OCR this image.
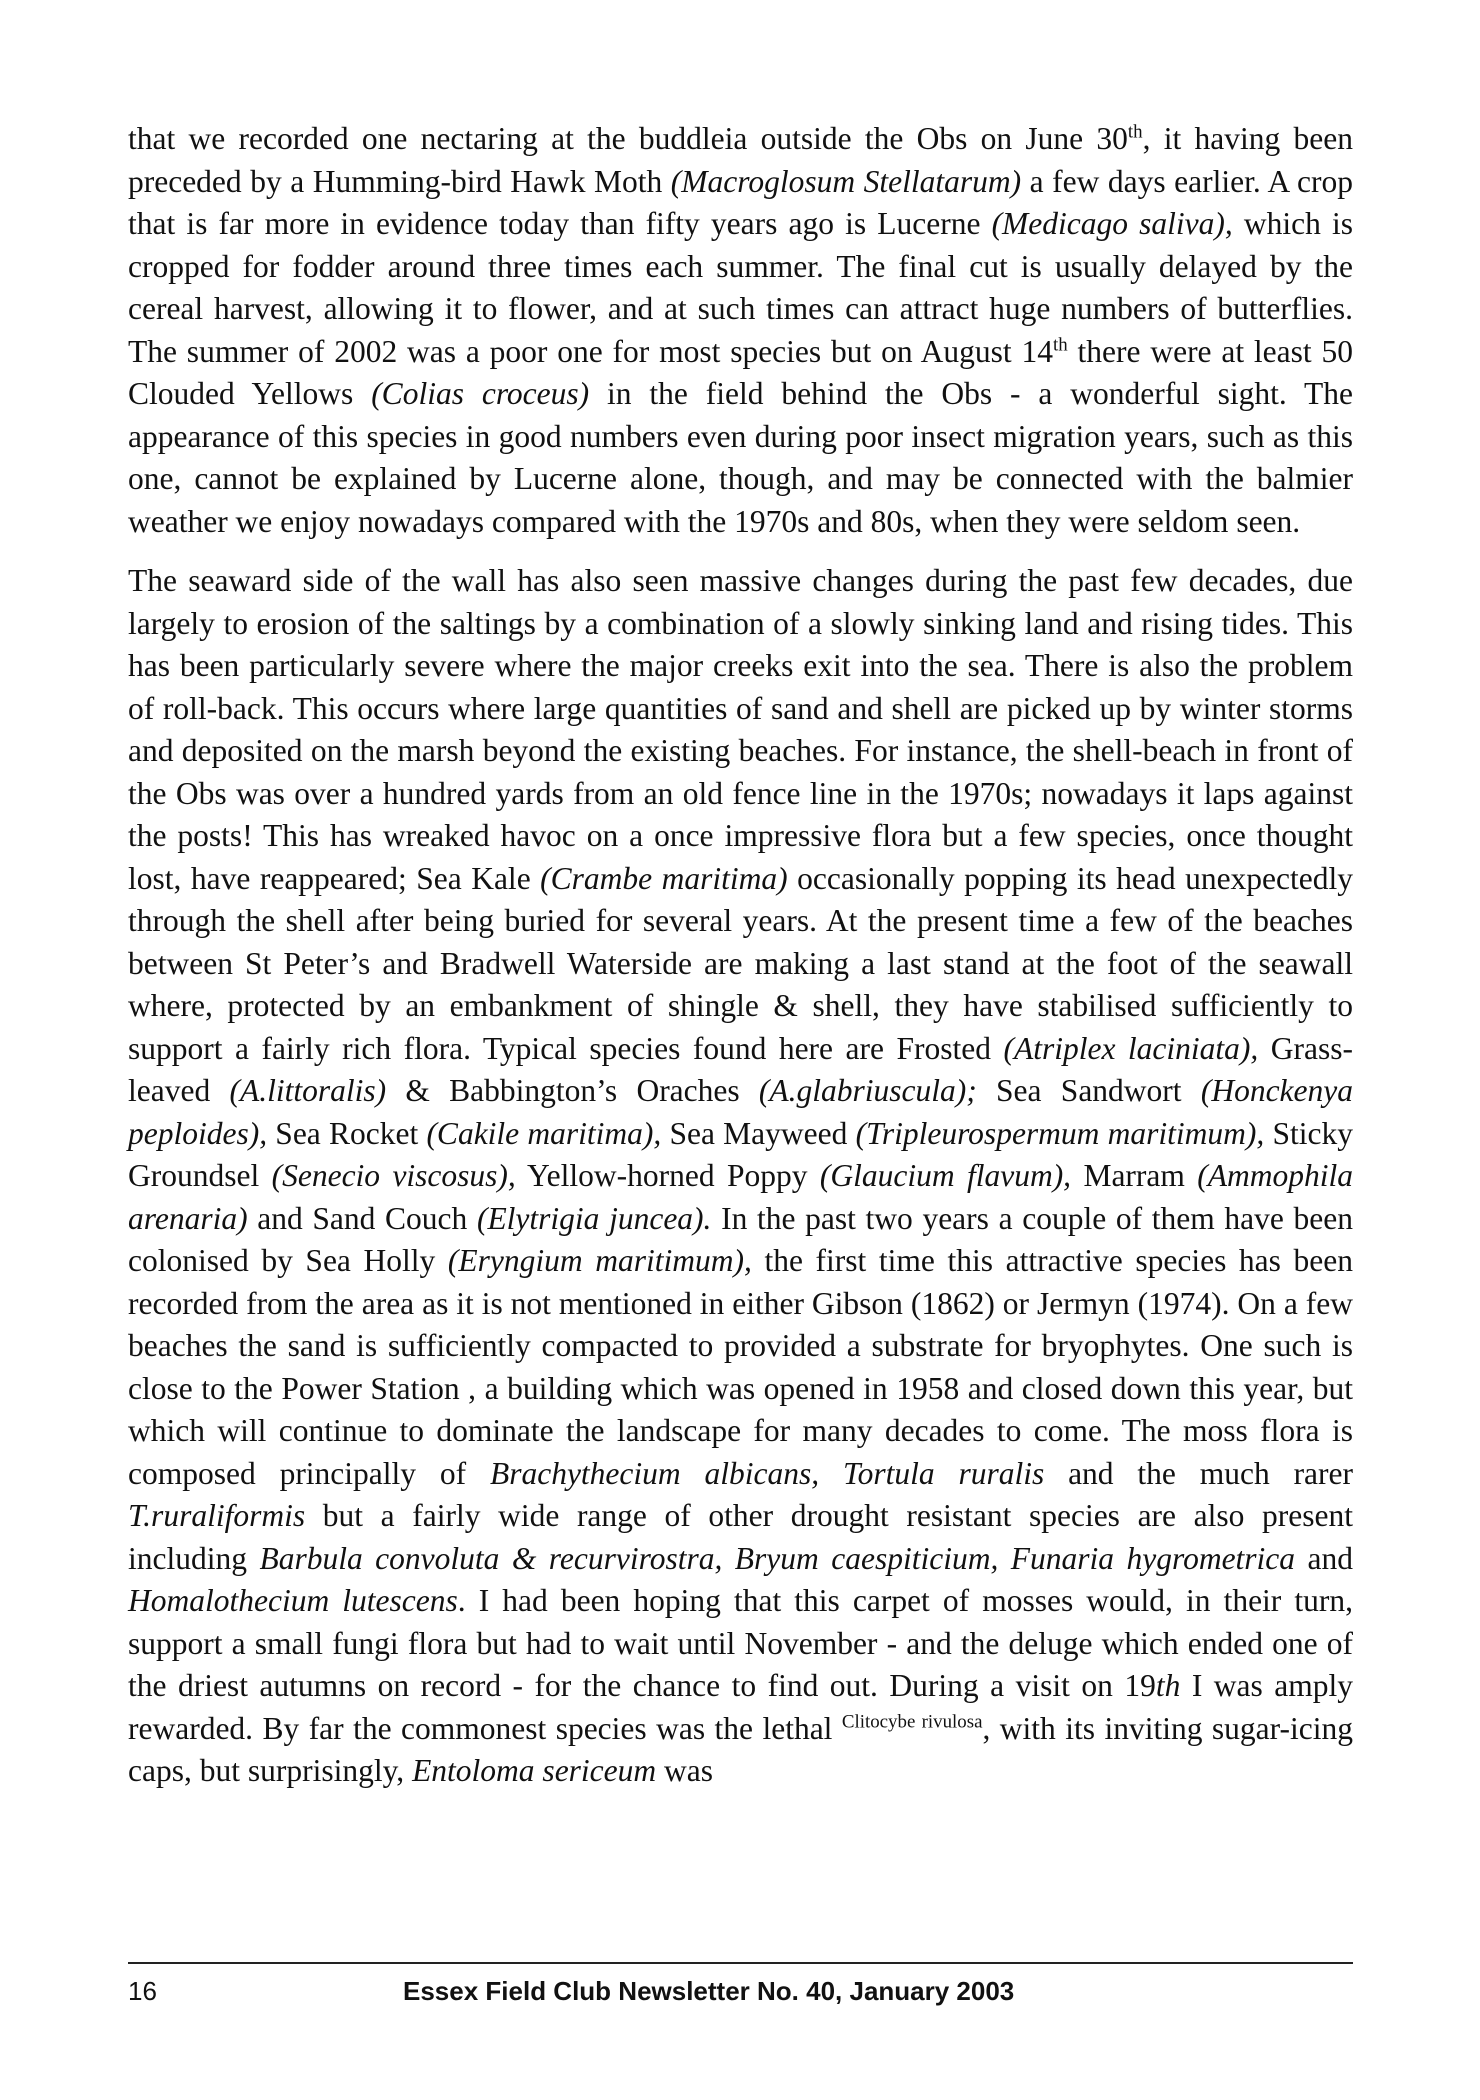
that we recorded one nectaring at the buddleia outside the Obs on June 30th, it having been preceded by a Humming-bird Hawk Moth (Macroglosum Stellatarum) a few days earlier. A crop that is far more in evidence today than fifty years ago is Lucerne (Medicago saliva), which is cropped for fodder around three times each summer. The final cut is usually delayed by the cereal harvest, allowing it to flower, and at such times can attract huge numbers of butterflies. The summer of 2002 was a poor one for most species but on August 14th there were at least 50 Clouded Yellows (Colias croceus) in the field behind the Obs - a wonderful sight. The appearance of this species in good numbers even during poor insect migration years, such as this one, cannot be explained by Lucerne alone, though, and may be connected with the balmier weather we enjoy nowadays compared with the 1970s and 80s, when they were seldom seen.

The seaward side of the wall has also seen massive changes during the past few decades, due largely to erosion of the saltings by a combination of a slowly sinking land and rising tides. This has been particularly severe where the major creeks exit into the sea. There is also the problem of roll-back. This occurs where large quantities of sand and shell are picked up by winter storms and deposited on the marsh beyond the existing beaches. For instance, the shell-beach in front of the Obs was over a hundred yards from an old fence line in the 1970s; nowadays it laps against the posts! This has wreaked havoc on a once impressive flora but a few species, once thought lost, have reappeared; Sea Kale (Crambe maritima) occasionally popping its head unexpectedly through the shell after being buried for several years. At the present time a few of the beaches between St Peter’s and Bradwell Waterside are making a last stand at the foot of the seawall where, protected by an embankment of shingle & shell, they have stabilised sufficiently to support a fairly rich flora. Typical species found here are Frosted (Atriplex laciniata), Grass-leaved (A.littoralis) & Babbington’s Oraches (A.glabriuscula); Sea Sandwort (Honckenya peploides), Sea Rocket (Cakile maritima), Sea Mayweed (Tripleurospermum maritimum), Sticky Groundsel (Senecio viscosus), Yellow-horned Poppy (Glaucium flavum), Marram (Ammophila arenaria) and Sand Couch (Elytrigia juncea). In the past two years a couple of them have been colonised by Sea Holly (Eryngium maritimum), the first time this attractive species has been recorded from the area as it is not mentioned in either Gibson (1862) or Jermyn (1974). On a few beaches the sand is sufficiently compacted to provided a substrate for bryophytes. One such is close to the Power Station , a building which was opened in 1958 and closed down this year, but which will continue to dominate the landscape for many decades to come. The moss flora is composed principally of Brachythecium albicans, Tortula ruralis and the much rarer T.ruraliformis but a fairly wide range of other drought resistant species are also present including Barbula convoluta & recurvirostra, Bryum caespiticium, Funaria hygrometrica and Homalothecium lutescens. I had been hoping that this carpet of mosses would, in their turn, support a small fungi flora but had to wait until November - and the deluge which ended one of the driest autumns on record - for the chance to find out. During a visit on 19th I was amply rewarded. By far the commonest species was the lethal $^{Clitocybe rivulosa}$, with its inviting sugar-icing caps, but surprisingly, Entoloma sericeum was

16	Essex Field Club Newsletter No. 40, January 2003
